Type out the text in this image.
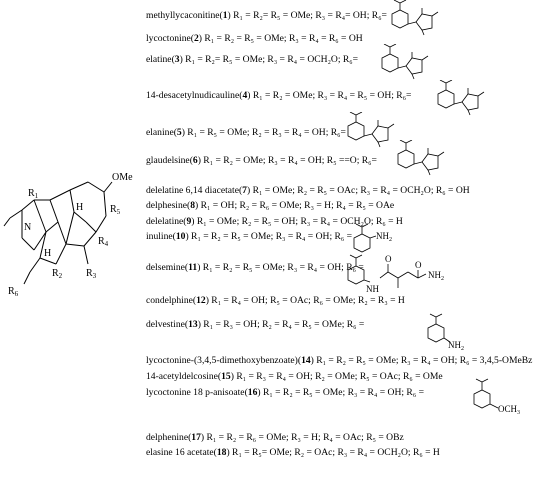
OMe
$R_1$
$R_5$
$R_4$
$R_3$
$R_2$
$R_6$
N
H
H
methyllycaconitine(1) R₁ = R₂= R₅ = OMe; R₃ = R₄= OH; R₆=
lycoctonine(2) R₁ = R₂ = R₅ = OMe; R₃ = R₄ = R₆ = OH
elatine(3) R₁ = R₂= R₅ = OMe; R₃ = R₄ = OCH₂O; R₆=
14-desacetylnudicauline(4) R₁ = R₂ = OMe; R₃ = R₄ = R₅ = OH; R₆=
elanine(5) R₁ = R₅ = OMe; R₂ = R₃ = R₄ = OH; R₆=
glaudelsine(6) R₁ = R₂ = OMe; R₃ = R₄ = OH; R₅ ==O; R₆=
delelatine 6,14 diacetate(7) R₁ = OMe; R₂ = R₅ = OAc; R₃ = R₄ = OCH₂O; R₆ = OH
delphesine(8) R₁ = OH; R₂ = R₆ = OMe; R₃ = H; R₄ = R₅ = OAe
delelatine(9) R₁ = OMe; R₂ = R₅ = OH; R₃ = R₄ = OCH₂O; R₆ = H
inuline(10) R₁ = R₂ = R₅ = OMe; R₃ = R₄ = OH; R₆ =
delsemine(11) R₁ = R₂ = R₅ = OMe; R₃ = R₄ = OH; R₆ =
condelphine(12) R₁ = R₄ = OH; R₅ = OAc; R₆ = OMe; R₂ = R₃ = H
delvestine(13) R₁ = R₃ = OH; R₂ = R₄ = R₅ = OMe; R₆ =
lycoctonine-(3,4,5-dimethoxybenzoate)(14) R₁ = R₂ = R₅ = OMe; R₃ = R₄ = OH; R₆ = 3,4,5-OMeBz
14-acetyldelcosine(15) R₁ = R₃ = R₄ = OH; R₂ = OMe; R₅ = OAc; R₆ = OMe
lycoctonine 18 p-anisoate(16) R₁ = R₂ = R₅ = OMe; R₃ = R₄ = OH; R₆ =
delphenine(17) R₁ = R₂ = R₆ = OMe; R₃ = H; R₄ = OAc; R₅ = OBz
elasine 16 acetate(18) R₁ = R₅= OMe; R₂ = OAc; R₃ = R₄ = OCH₂O; R₆ = H
$NH_2$
NH
O
O
$NH_2$
$NH_2$
$OCH_3$
